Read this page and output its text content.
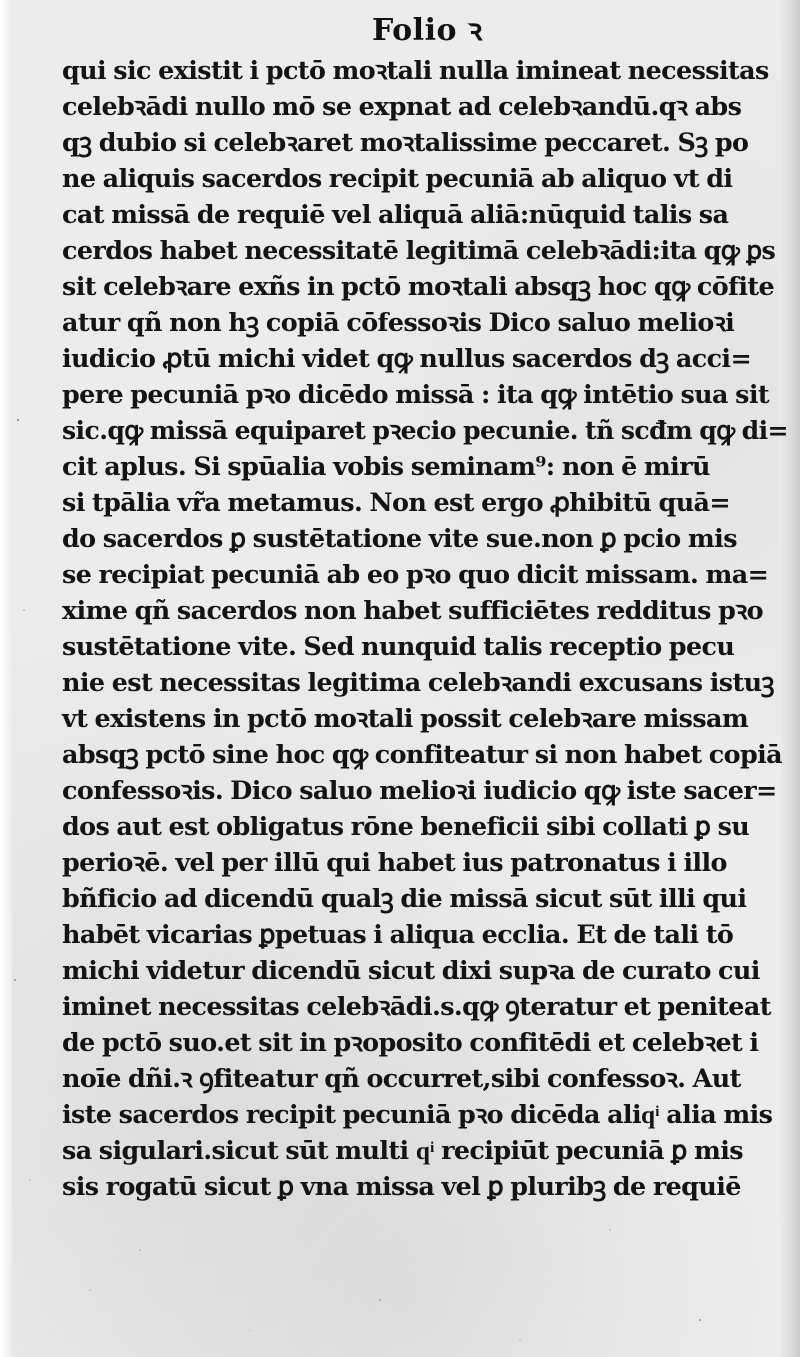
Folio ꝛ
qui sic existit i pctō moꝛtali nulla imineat necessitas
celebꝛādi nullo mō se expnat ad celebꝛandū.qꝛ abs
qꝫ dubio si celebꝛaret moꝛtalissime peccaret. Sꝫ po
ne aliquis sacerdos recipit pecuniā ab aliquo vt di
cat missā de requiē vel aliquā aliā:nūquid talis sa
cerdos habet necessitatē legitimā celebꝛādi:ita qꝙ ꝑs
sit celebꝛare exñs in pctō moꝛtali absqꝫ hoc qꝙ cōfite
atur qñ non hꝫ copiā cōfessoꝛis Dico saluo melioꝛi
iudicio ꝓtū michi videt qꝙ nullus sacerdos dꝫ acci=
pere pecuniā pꝛo dicēdo missā : ita qꝙ intētio sua sit
sic.qꝙ missā equiparet pꝛecio pecunie. tñ scđm qꝙ di=
cit aplus. Si spūalia vobis seminam⁹: non ē mirū
si tpālia vr̃a metamus. Non est ergo ꝓhibitū quā=
do sacerdos ꝑ sustētatione vite sue.non ꝑ pcio mis
se recipiat pecuniā ab eo pꝛo quo dicit missam. ma=
xime qñ sacerdos non habet sufficiētes redditus pꝛo
sustētatione vite. Sed nunquid talis receptio pecu
nie est necessitas legitima celebꝛandi excusans istuꝫ
vt existens in pctō moꝛtali possit celebꝛare missam
absqꝫ pctō sine hoc qꝙ confiteatur si non habet copiā
confessoꝛis. Dico saluo melioꝛi iudicio qꝙ iste sacer=
dos aut est obligatus rōne beneficii sibi collati ꝑ su
perioꝛē. vel per illū qui habet ius patronatus i illo
bñficio ad dicendū qualꝫ die missā sicut sūt illi qui
habēt vicarias ꝑpetuas i aliqua ecclia. Et de tali tō
michi videtur dicendū sicut dixi supꝛa de curato cui
iminet necessitas celebꝛādi.s.qꝙ ꝯteratur et peniteat
de pctō suo.et sit in pꝛoposito confitēdi et celebꝛet i
noīe dñi.ꝛ ꝯfiteatur qñ occurret,sibi confessoꝛ. Aut
iste sacerdos recipit pecuniā pꝛo dicēda aliqͥ alia mis
sa sigulari.sicut sūt multi qͥ recipiūt pecuniā ꝑ mis
sis rogatū sicut ꝑ vna missa vel ꝑ pluribꝫ de requiē
